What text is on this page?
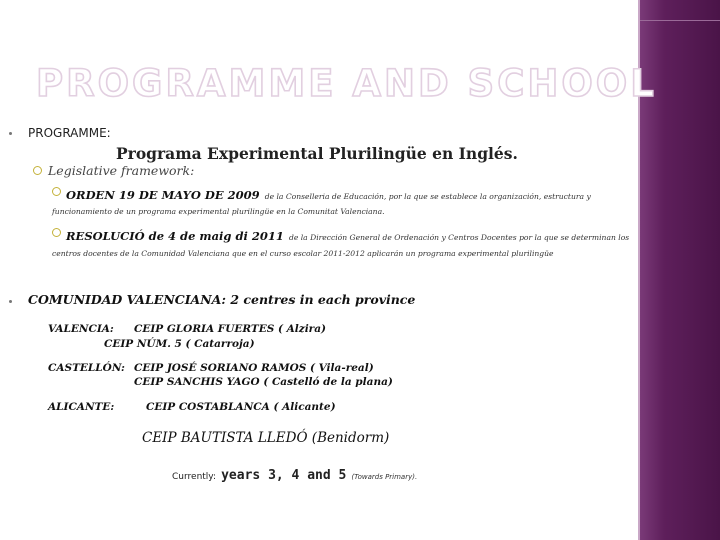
PROGRAMME AND SCHOOL
PROGRAMME:
Programa Experimental Plurilingüe en Inglés.
Legislative framework:
ORDEN 19 DE MAYO DE 2009 de la Conselleria de Educación, por la que se establece la organización, estructura y
funcionamiento de un programa experimental plurilingüe en la Comunitat Valenciana.
RESOLUCIÓ de 4 de maig di 2011 de la Dirección General de Ordenación y Centros Docentes por la que se determinan los
centros docentes de la Comunidad Valenciana que en el curso escolar 2011-2012 aplicarán un programa experimental plurilingüe
COMUNIDAD VALENCIANA: 2 centres in each province
VALENCIA: CEIP GLORIA FUERTES ( Alzira)
CEIP NÚM. 5 ( Catarroja)
CASTELLÓN: CEIP JOSÉ SORIANO RAMOS ( Vila-real)
CEIP SANCHIS YAGO ( Castelló de la plana)
ALICANTE:	CEIP COSTABLANCA ( Alicante)
CEIP BAUTISTA LLEDÓ (Benidorm)
Currently: years 3, 4 and 5 (Towards Primary).
